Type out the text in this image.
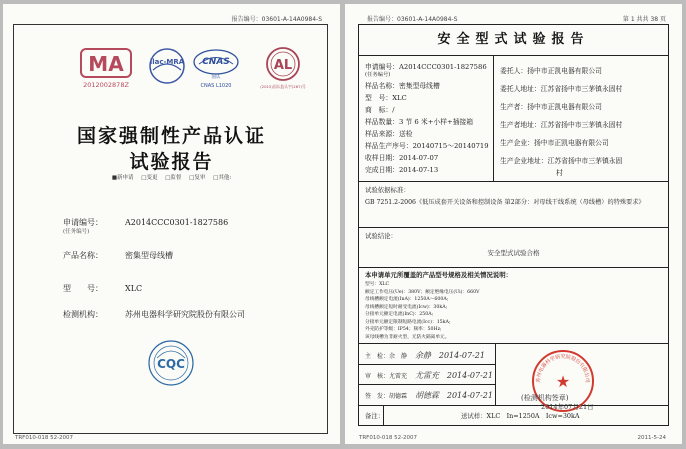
报告编号：03601-A-14A0984-S
MA
2012002878Z
ilac-MRA CNAS
国认
CNAS L1020
AL
(2015)国认监认字(267)号
国家强制性产品认证
试验报告
■新申请 □变更 □监督 □复审 □其他:
申请编号：	A2014CCC0301-1827586
(任务编号)
产品名称：	密集型母线槽
型　　号：	XLC
检测机构：	苏州电器科学研究院股份有限公司
CQC
TRF010-018 52-2007
报告编号：03601-A-14A0984-S	第 1 共共 38 页
安全型式试验报告
申请编号：A2014CCC0301-1827586
(任务编号)
样品名称：密集型母线槽
型　号：XLC
商　标：/
样品数量：3 节 6 米+小样+插接箱
样品来源：送检
样品生产序号：20140715～20140719
收样日期：2014-07-07
完成日期：2014-07-13
委托人：扬中市正凯电器有限公司
委托人地址：江苏省扬中市三茅镇永固村
生产者：扬中市正凯电器有限公司
生产者地址：江苏省扬中市三茅镇永固村
生产企业：扬中市正凯电器有限公司
生产企业地址：江苏省扬中市三茅镇永固
村
试验依据标准：
GB 7251.2-2006《低压成套开关设备和控制设备 第2部分：对母线干线系统（母线槽）的特殊要求》
试验结论：
安全型式试验合格
本申请单元所覆盖的产品型号规格及相关情况说明：
型号：XLC
额定工作电压(Ue)：380V；额定绝缘电压(Ui)：660V
母线槽额定电流(InA)：1250A～600A;
母线槽额定短时耐受电流(Icw)：30kA;
分接单元额定电流(InC)：250A;
分接单元额定限制短路电流(Icc)：15kA;
外壳防护等级：IP54；频率：50Hz;
该母线槽为非耐火型，无防火隔离单元。
主　检：余　静 余静 2014-07-21
审　核：尤雷充 尤雷充 2014-07-21
签　发：胡德霖 胡德霖 2014-07-21
苏州电器科学研究院股份有限公司
★
(检测机构签章)
2014年07月21日
备注：	送试样：XLC　In=1250A　Icw=30kA
TRF010-018 52-2007	2011-5-24
